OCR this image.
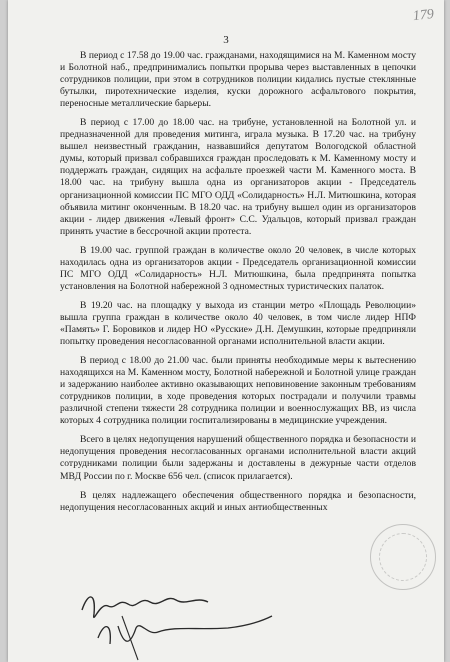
179
3

В период с 17.58 до 19.00 час. гражданами, находящимися на М. Каменном мосту и Болотной наб., предпринимались попытки прорыва через выставленных в цепочки сотрудников полиции, при этом в сотрудников полиции кидались пустые стеклянные бутылки, пиротехнические изделия, куски дорожного асфальтового покрытия, переносные металлические барьеры.

В период с 17.00 до 18.00 час. на трибуне, установленной на Болотной ул. и предназначенной для проведения митинга, играла музыка. В 17.20 час. на трибуну вышел неизвестный гражданин, назвавшийся депутатом Вологодской областной думы, который призвал собравшихся граждан проследовать к М. Каменному мосту и поддержать граждан, сидящих на асфальте проезжей части М. Каменного моста. В 18.00 час. на трибуну вышла одна из организаторов акции - Председатель организационной комиссии ПС МГО ОДД «Солидарность» Н.Л. Митюшкина, которая объявила митинг оконченным. В 18.20 час. на трибуну вышел один из организаторов акции - лидер движения «Левый фронт» С.С. Удальцов, который призвал граждан принять участие в бессрочной акции протеста.

В 19.00 час. группой граждан в количестве около 20 человек, в числе которых находилась одна из организаторов акции - Председатель организационной комиссии ПС МГО ОДД «Солидарность» Н.Л. Митюшкина, была предпринята попытка установления на Болотной набережной 3 одноместных туристических палаток.

В 19.20 час. на площадку у выхода из станции метро «Площадь Революции» вышла группа граждан в количестве около 40 человек, в том числе лидер НПФ «Память» Г. Боровиков и лидер НО «Русские» Д.Н. Демушкин, которые предприняли попытку проведения несогласованной органами исполнительной власти акции.

В период с 18.00 до 21.00 час. были приняты необходимые меры к вытеснению находящихся на М. Каменном мосту, Болотной набережной и Болотной улице граждан и задержанию наиболее активно оказывающих неповиновение законным требованиям сотрудников полиции, в ходе проведения которых пострадали и получили травмы различной степени тяжести 28 сотрудника полиции и военнослужащих ВВ, из числа которых 4 сотрудника полиции госпитализированы в медицинские учреждения.

Всего в целях недопущения нарушений общественного порядка и безопасности и недопущения проведения несогласованных органами исполнительной власти акций сотрудниками полиции были задержаны и доставлены в дежурные части отделов МВД России по г. Москве 656 чел. (список прилагается).

В целях надлежащего обеспечения общественного порядка и безопасности, недопущения несогласованных акций и иных антиобщественных
